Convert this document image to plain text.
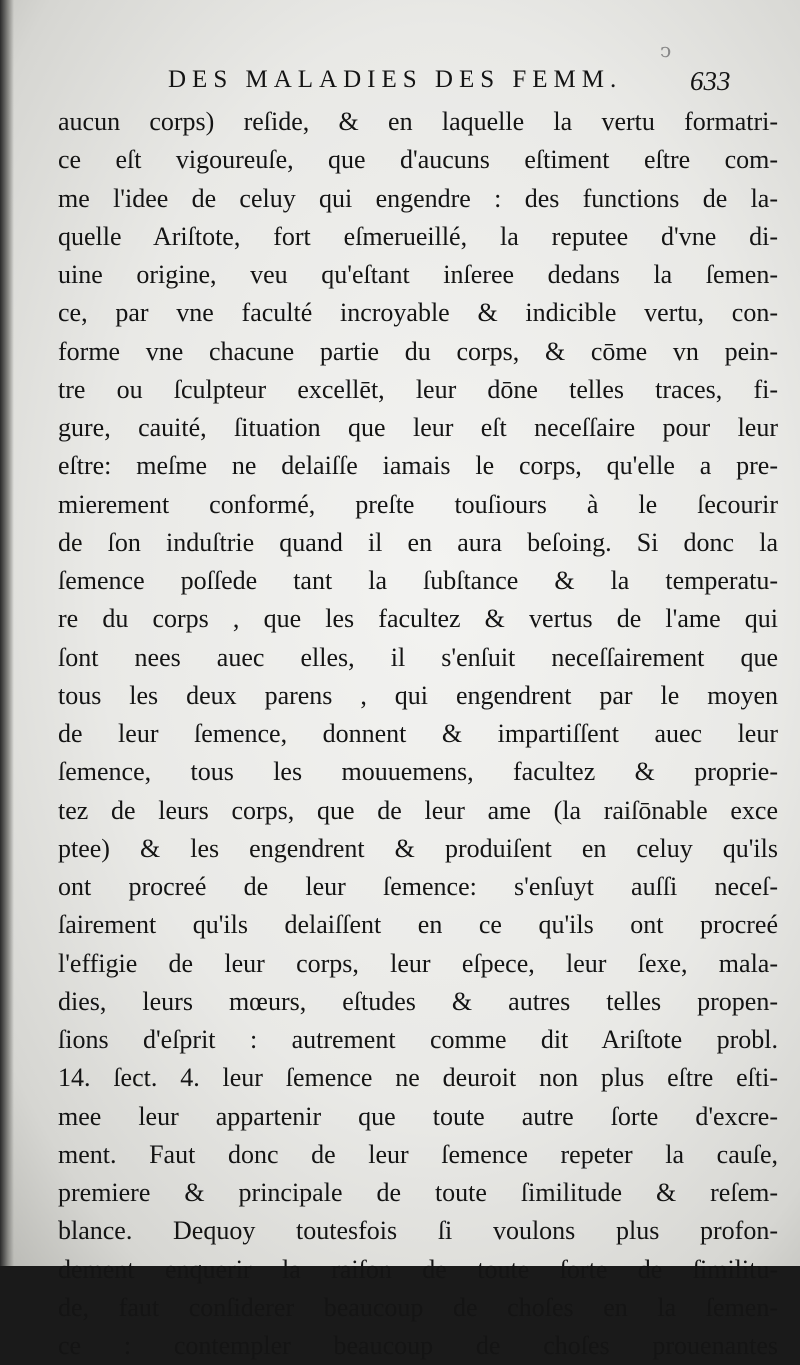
ͻ
DES MALADIES DES FEMM.	633
aucun corps) reſide, & en laquelle la vertu formatri-
ce eſt vigoureuſe, que d'aucuns eſtiment eſtre com-
me l'idee de celuy qui engendre : des functions de la-
quelle Ariſtote, fort eſmerueillé, la reputee d'vne di-
uine origine, veu qu'eſtant inſeree dedans la ſemen-
ce, par vne faculté incroyable & indicible vertu, con-
forme vne chacune partie du corps, & cōme vn pein-
tre ou ſculpteur excellēt, leur dōne telles traces, fi-
gure, cauité, ſituation que leur eſt neceſſaire pour leur
eſtre: meſme ne delaiſſe iamais le corps, qu'elle a pre-
mierement conformé, preſte touſiours à le ſecourir
de ſon induſtrie quand il en aura beſoing. Si donc la
ſemence poſſede tant la ſubſtance & la temperatu-
re du corps , que les facultez & vertus de l'ame qui
ſont nees auec elles, il s'enſuit neceſſairement que
tous les deux parens , qui engendrent par le moyen
de leur ſemence, donnent & impartiſſent auec leur
ſemence, tous les mouuemens, facultez & proprie-
tez de leurs corps, que de leur ame (la raiſōnable exce
ptee) & les engendrent & produiſent en celuy qu'ils
ont procreé de leur ſemence: s'enſuyt auſſi neceſ-
ſairement qu'ils delaiſſent en ce qu'ils ont procreé
l'effigie de leur corps, leur eſpece, leur ſexe, mala-
dies, leurs mœurs, eſtudes & autres telles propen-
ſions d'eſprit : autrement comme dit Ariſtote probl.
14. ſect. 4. leur ſemence ne deuroit non plus eſtre eſti-
mee leur appartenir que toute autre ſorte d'excre-
ment. Faut donc de leur ſemence repeter la cauſe,
premiere & principale de toute ſimilitude & reſem-
blance. Dequoy toutesfois ſi voulons plus profon-
dement enquerir la raiſon de toute ſorte de ſimilitu-
de, faut conſiderer beaucoup de choſes en la ſemen-
ce : contempler beaucoup de choſes prouenantes
